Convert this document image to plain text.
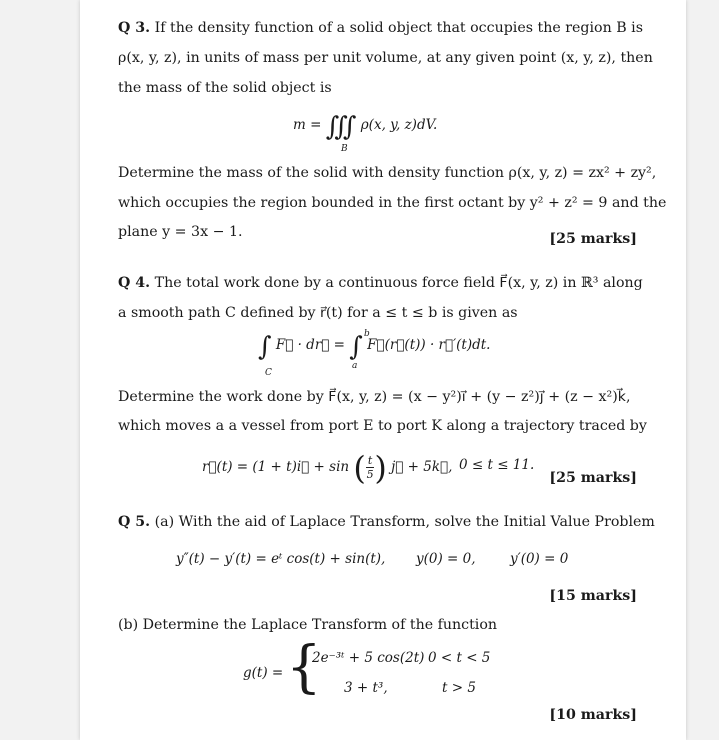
Q 3. If the density function of a solid object that occupies the region B is
ρ(x, y, z), in units of mass per unit volume, at any given point (x, y, z), then
the mass of the solid object is
m = ∭ ρ(x, y, z)dV.
B
Determine the mass of the solid with density function ρ(x, y, z) = zx² + zy²,
which occupies the region bounded in the first octant by y² + z² = 9 and the
plane y = 3x − 1.	[25 marks]
Q 4. The total work done by a continuous force field F⃗(x, y, z) in ℝ³ along
a smooth path C defined by r⃗(t) for a ≤ t ≤ b is given as
∫ F⃗ · dr⃗ = ∫ F⃗(r⃗(t)) · r⃗′(t)dt.
C
b
a
Determine the work done by F⃗(x, y, z) = (x − y²)i⃗ + (y − z²)j⃗ + (z − x²)k⃗,
which moves a a vessel from port E to port K along a trajectory traced by
r⃗(t) = (1 + t)i⃗ + sin ( $\frac{t}{5}$) j⃗ + 5k⃗, 0 ≤ t ≤ 11.
[25 marks]
Q 5. (a) With the aid of Laplace Transform, solve the Initial Value Problem
y″(t) − y′(t) = eᵗ cos(t) + sin(t), y(0) = 0,	y′(0) = 0
[15 marks]
(b) Determine the Laplace Transform of the function
g(t) = {
2e⁻³ᵗ + 5 cos(2t) 0 < t < 5
3 + t³,	t > 5
[10 marks]
